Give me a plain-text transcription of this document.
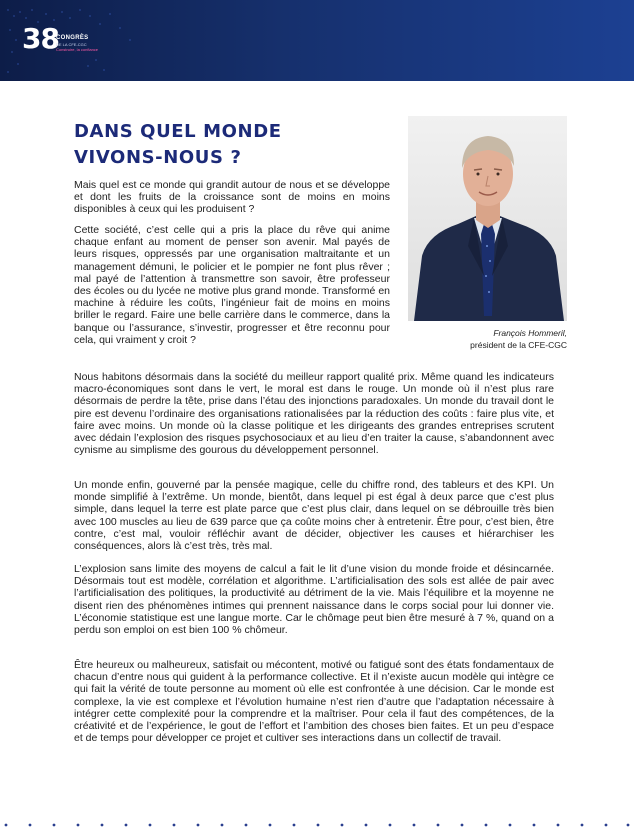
38
CONGRÈS
DE LA CFE-CGC
Construire, la confiance
DANS QUEL MONDE
VIVONS-NOUS ?
François Hommeril,
président de la CFE-CGC

Mais quel est ce monde qui grandit autour de nous et se développe et dont les fruits de la croissance sont de moins en moins disponibles à ceux qui les produisent ?

Cette société, c’est celle qui a pris la place du rêve qui anime chaque enfant au moment de penser son avenir. Mal payés de leurs risques, oppressés par une organisation maltraitante et un management démuni, le policier et le pompier ne font plus rêver ; mal payé de l’attention à transmettre son savoir, être professeur des écoles ou du lycée ne motive plus grand monde. Transformé en machine à réduire les coûts, l’ingénieur fait de moins en moins briller le regard. Faire une belle carrière dans le commerce, dans la banque ou l’assurance, s’investir, progresser et être reconnu pour cela, qui vraiment y croit ?

Nous habitons désormais dans la société du meilleur rapport qualité prix. Même quand les indicateurs macro-économiques sont dans le vert, le moral est dans le rouge. Un monde où il n’est plus rare désormais de perdre la tête, prise dans l’étau des injonctions paradoxales. Un monde du travail dont le pire est devenu l’ordinaire des organisations rationalisées par la réduction des coûts : faire plus vite, et faire avec moins. Un monde où la classe politique et les dirigeants des grandes entreprises scrutent avec dédain l’explosion des risques psychosociaux et au lieu d’en traiter la cause, s’abandonnent avec cynisme au simplisme des gourous du développement personnel.

Un monde enfin, gouverné par la pensée magique, celle du chiffre rond, des tableurs et des KPI. Un monde simplifié à l’extrême. Un monde, bientôt, dans lequel pi est égal à deux parce que c’est plus simple, dans lequel la terre est plate parce que c’est plus clair, dans lequel on se débrouille très bien avec 100 muscles au lieu de 639 parce que ça coûte moins cher à entretenir. Être pour, c’est bien, être contre, c’est mal, vouloir réfléchir avant de décider, objectiver les causes et hiérarchiser les conséquences, alors là c’est très, très mal.

L’explosion sans limite des moyens de calcul a fait le lit d’une vision du monde froide et désincarnée. Désormais tout est modèle, corrélation et algorithme. L’artificialisation des sols est allée de pair avec l’artificialisation des politiques, la productivité au détriment de la vie. Mais l’équilibre et la moyenne ne disent rien des phénomènes intimes qui prennent naissance dans le corps social pour lui donner vie. L’économie statistique est une langue morte. Car le chômage peut bien être mesuré à 7 %, quand on a perdu son emploi on est bien 100 % chômeur.

Être heureux ou malheureux, satisfait ou mécontent, motivé ou fatigué sont des états fondamentaux de chacun d’entre nous qui guident à la performance collective. Et il n’existe aucun modèle qui intègre ce qui fait la vérité de toute personne au moment où elle est confrontée à une décision. Car le monde est complexe, la vie est complexe et l’évolution humaine n’est rien d’autre que l’adaptation nécessaire à intégrer cette complexité pour la comprendre et la maîtriser. Pour cela il faut des compétences, de la créativité et de l’expérience, le gout de l’effort et l’ambition des choses bien faites. Et un peu d’espace et de temps pour développer ce projet et cultiver ses interactions dans un collectif de travail.
